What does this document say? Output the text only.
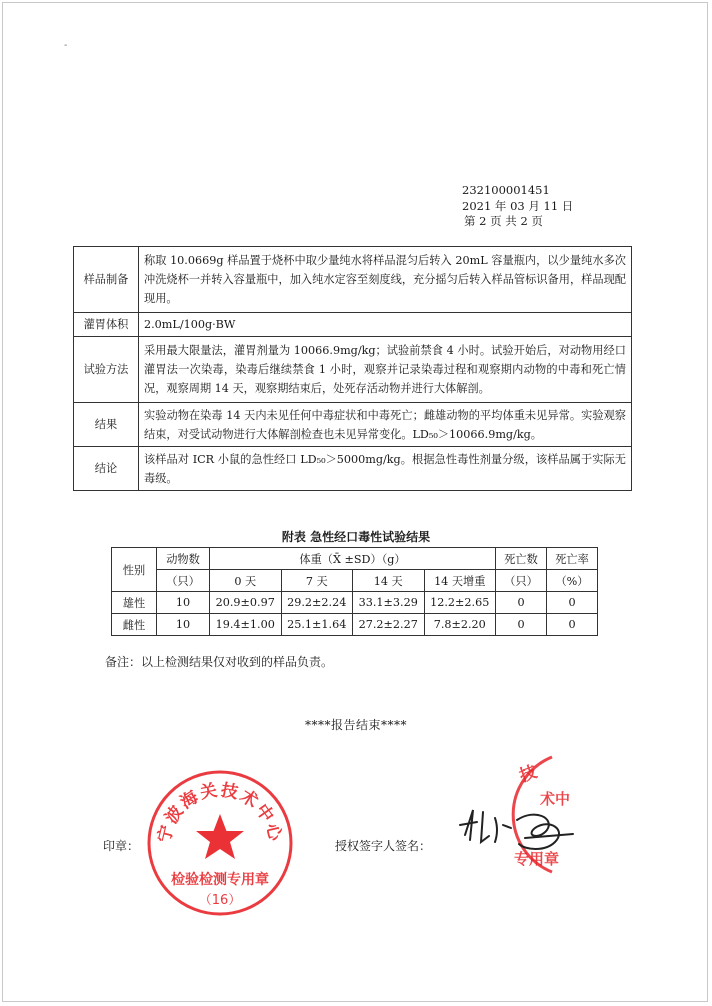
-
232100001451
2021 年 03 月 11 日
第 2 页 共 2 页
样品制备	称取 10.0669g 样品置于烧杯中取少量纯水将样品混匀后转入 20mL 容量瓶内，以少量纯水多次冲洗烧杯一并转入容量瓶中，加入纯水定容至刻度线，充分摇匀后转入样品管标识备用，样品现配现用。
灌胃体积	2.0mL/100g·BW
试验方法	采用最大限量法，灌胃剂量为 10066.9mg/kg；试验前禁食 4 小时。试验开始后，对动物用经口灌胃法一次染毒，染毒后继续禁食 1 小时，观察并记录染毒过程和观察期内动物的中毒和死亡情况，观察周期 14 天，观察期结束后，处死存活动物并进行大体解剖。
结果	实验动物在染毒 14 天内未见任何中毒症状和中毒死亡；雌雄动物的平均体重未见异常。实验观察结束，对受试动物进行大体解剖检查也未见异常变化。LD₅₀＞10066.9mg/kg。
结论	该样品对 ICR 小鼠的急性经口 LD₅₀＞5000mg/kg。根据急性毒性剂量分级，该样品属于实际无毒级。
附表 急性经口毒性试验结果
性别	动物数	体重（X̄ ±SD）（g）				死亡数	死亡率
	（只）	0 天	7 天	14 天	14 天增重	（只）	（%）
雄性	10	20.9±0.97	29.2±2.24	33.1±3.29	12.2±2.65	0	0
雌性	10	19.4±1.00	25.1±1.64	27.2±2.27	7.8±2.20	0	0
备注：以上检测结果仅对收到的样品负责。
****报告结束****
印章：	授权签字人签名：
宁波海关技术中心
检验检测专用章
（16）
技
术中
专用章
